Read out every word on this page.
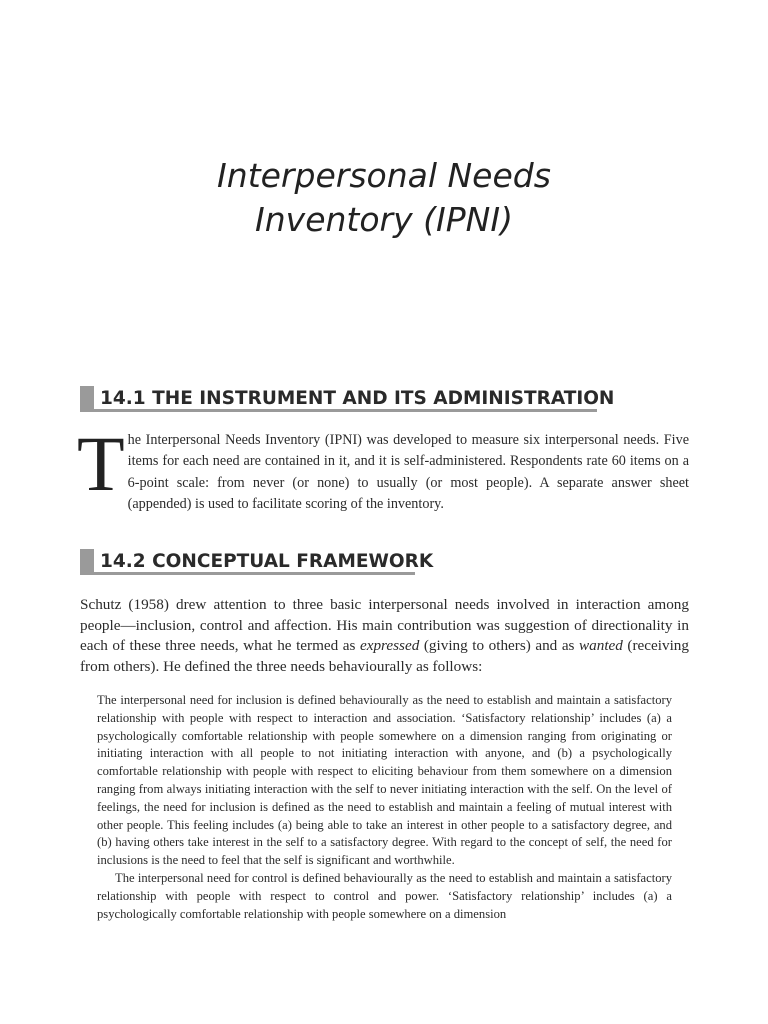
Interpersonal Needs
Inventory (IPNI)
14.1 THE INSTRUMENT AND ITS ADMINISTRATION

The Interpersonal Needs Inventory (IPNI) was developed to measure six interpersonal needs. Five items for each need are contained in it, and it is self-administered. Respondents rate 60 items on a 6-point scale: from never (or none) to usually (or most people). A separate answer sheet (appended) is used to facilitate scoring of the inventory.

14.2 CONCEPTUAL FRAMEWORK

Schutz (1958) drew attention to three basic interpersonal needs involved in interaction among people—inclusion, control and affection. His main contribution was suggestion of directionality in each of these three needs, what he termed as expressed (giving to others) and as wanted (receiving from others). He defined the three needs behaviourally as follows:

The interpersonal need for inclusion is defined behaviourally as the need to establish and maintain a satisfactory relationship with people with respect to interaction and association. ‘Satisfactory relationship’ includes (a) a psychologically comfortable relationship with people somewhere on a dimension ranging from originating or initiating interaction with all people to not initiating interaction with anyone, and (b) a psychologically comfortable relationship with people with respect to eliciting behaviour from them somewhere on a dimension ranging from always initiating interaction with the self to never initiating interaction with the self. On the level of feelings, the need for inclusion is defined as the need to establish and maintain a feeling of mutual interest with other people. This feeling includes (a) being able to take an interest in other people to a satisfactory degree, and (b) having others take interest in the self to a satisfactory degree. With regard to the concept of self, the need for inclusions is the need to feel that the self is significant and worthwhile.

The interpersonal need for control is defined behaviourally as the need to establish and maintain a satisfactory relationship with people with respect to control and power. ‘Satisfactory relationship’ includes (a) a psychologically comfortable relationship with people somewhere on a dimension
